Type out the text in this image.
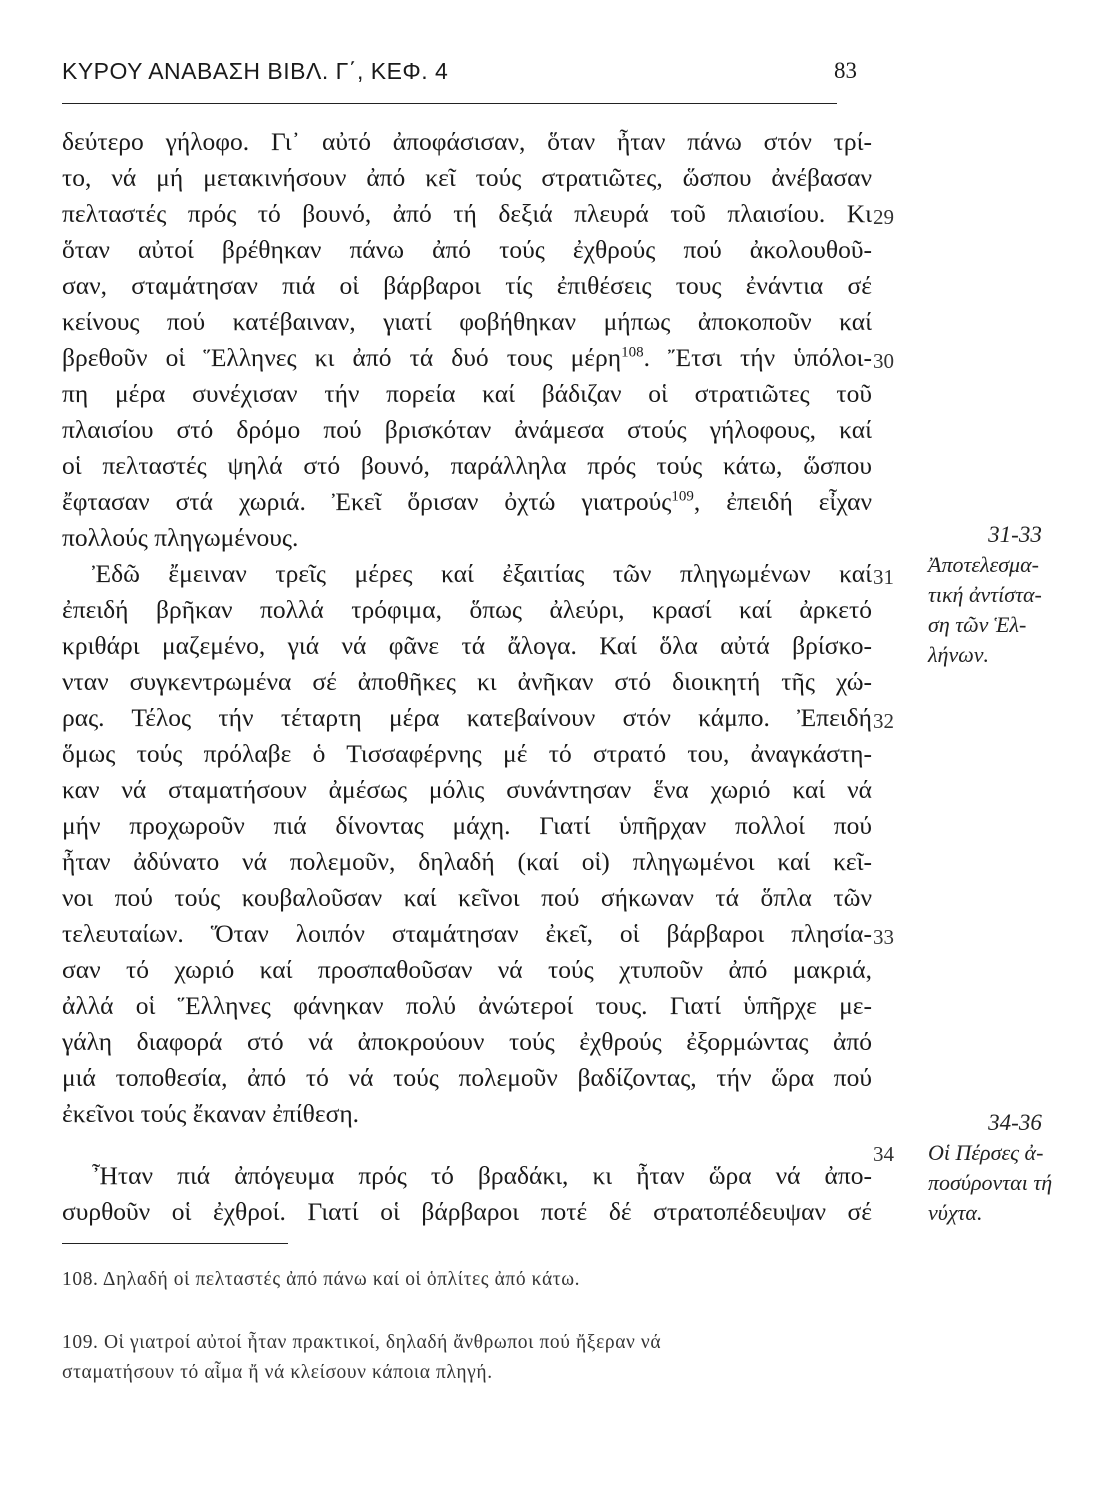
ΚΥΡΟΥ ΑΝΑΒΑΣΗ ΒΙΒΛ. Γ΄, ΚΕΦ. 4	83
δεύτερο γήλοφο. Γι᾽ αὐτό ἀποφάσισαν, ὅταν ἦταν πάνω στόν τρί-
το, νά μή μετακινήσουν ἀπό κεῖ τούς στρατιῶτες, ὥσπου ἀνέβασαν
πελταστές πρός τό βουνό, ἀπό τή δεξιά πλευρά τοῦ πλαισίου. Κι
ὅταν αὐτοί βρέθηκαν πάνω ἀπό τούς ἐχθρούς πού ἀκολουθοῦ-
σαν, σταμάτησαν πιά οἱ βάρβαροι τίς ἐπιθέσεις τους ἐνάντια σέ
κείνους πού κατέβαιναν, γιατί φοβήθηκαν μήπως ἀποκοποῦν καί
βρεθοῦν οἱ Ἕλληνες κι ἀπό τά δυό τους μέρη$^{108}$. Ἔτσι τήν ὑπόλοι-
πη μέρα συνέχισαν τήν πορεία καί βάδιζαν οἱ στρατιῶτες τοῦ
πλαισίου στό δρόμο πού βρισκόταν ἀνάμεσα στούς γήλοφους, καί
οἱ πελταστές ψηλά στό βουνό, παράλληλα πρός τούς κάτω, ὥσπου
ἔφτασαν στά χωριά. Ἐκεῖ ὅρισαν ὀχτώ γιατρούς$^{109}$, ἐπειδή εἶχαν
πολλούς πληγωμένους.
Ἐδῶ ἔμειναν τρεῖς μέρες καί ἐξαιτίας τῶν πληγωμένων καί
ἐπειδή βρῆκαν πολλά τρόφιμα, ὅπως ἀλεύρι, κρασί καί ἀρκετό
κριθάρι μαζεμένο, γιά νά φᾶνε τά ἄλογα. Καί ὅλα αὐτά βρίσκο-
νταν συγκεντρωμένα σέ ἀποθῆκες κι ἀνῆκαν στό διοικητή τῆς χώ-
ρας. Τέλος τήν τέταρτη μέρα κατεβαίνουν στόν κάμπο. Ἐπειδή
ὅμως τούς πρόλαβε ὁ Τισσαφέρνης μέ τό στρατό του, ἀναγκάστη-
καν νά σταματήσουν ἀμέσως μόλις συνάντησαν ἕνα χωριό καί νά
μήν προχωροῦν πιά δίνοντας μάχη. Γιατί ὑπῆρχαν πολλοί πού
ἦταν ἀδύνατο νά πολεμοῦν, δηλαδή (καί οἱ) πληγωμένοι καί κεῖ-
νοι πού τούς κουβαλοῦσαν καί κεῖνοι πού σήκωναν τά ὅπλα τῶν
τελευταίων. Ὅταν λοιπόν σταμάτησαν ἐκεῖ, οἱ βάρβαροι πλησία-
σαν τό χωριό καί προσπαθοῦσαν νά τούς χτυποῦν ἀπό μακριά,
ἀλλά οἱ Ἕλληνες φάνηκαν πολύ ἀνώτεροί τους. Γιατί ὑπῆρχε με-
γάλη διαφορά στό νά ἀποκρούουν τούς ἐχθρούς ἐξορμώντας ἀπό
μιά τοποθεσία, ἀπό τό νά τούς πολεμοῦν βαδίζοντας, τήν ὥρα πού
ἐκεῖνοι τούς ἔκαναν ἐπίθεση.
Ἦταν πιά ἀπόγευμα πρός τό βραδάκι, κι ἦταν ὥρα νά ἀπο-
συρθοῦν οἱ ἐχθροί. Γιατί οἱ βάρβαροι ποτέ δέ στρατοπέδευψαν σέ
29
30
31
32
33
34
31-33
Ἀποτελεσμα-
τική ἀντίστα-
ση τῶν Ἑλ-
λήνων.
34-36
Οἱ Πέρσες ἀ-
ποσύρονται τή
νύχτα.
108. Δηλαδή οἱ πελταστές ἀπό πάνω καί οἱ ὁπλίτες ἀπό κάτω.
109. Οἱ γιατροί αὐτοί ἦταν πρακτικοί, δηλαδή ἄνθρωποι πού ἤξεραν νά
σταματήσουν τό αἷμα ἤ νά κλείσουν κάποια πληγή.
